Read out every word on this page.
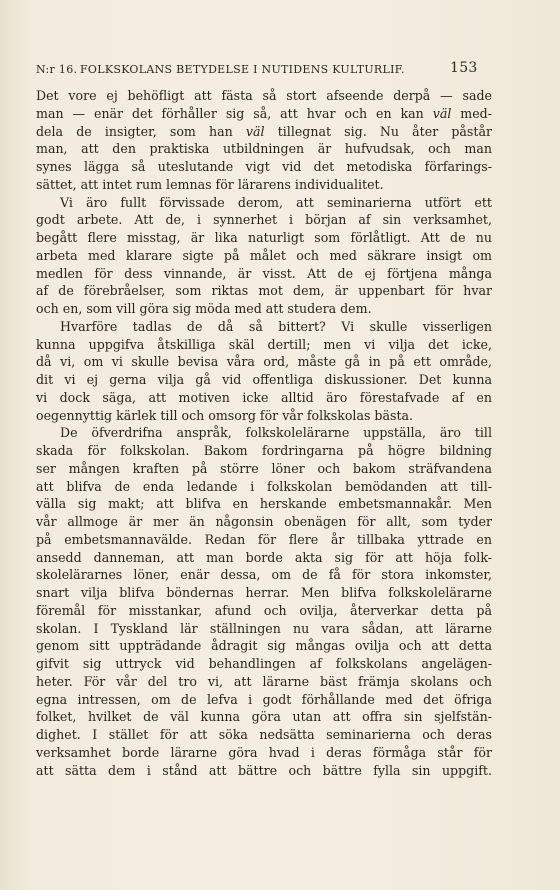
N:r 16. FOLKSKOLANS BETYDELSE I NUTIDENS KULTURLIF.	153
Det vore ej behöfligt att fästa så stort afseende derpå — sade
man — enär det förhåller sig så, att hvar och en kan väl med-
dela de insigter, som han väl tillegnat sig. Nu åter påstår
man, att den praktiska utbildningen är hufvudsak, och man
synes lägga så uteslutande vigt vid det metodiska förfarings-
sättet, att intet rum lemnas för lärarens individualitet.
Vi äro fullt förvissade derom, att seminarierna utfört ett
godt arbete. Att de, i synnerhet i början af sin verksamhet,
begått flere misstag, är lika naturligt som förlåtligt. Att de nu
arbeta med klarare sigte på målet och med säkrare insigt om
medlen för dess vinnande, är visst. Att de ej förtjena många
af de förebråelser, som riktas mot dem, är uppenbart för hvar
och en, som vill göra sig möda med att studera dem.
Hvarföre tadlas de då så bittert? Vi skulle visserligen
kunna uppgifva åtskilliga skäl dertill; men vi vilja det icke,
då vi, om vi skulle bevisa våra ord, måste gå in på ett område,
dit vi ej gerna vilja gå vid offentliga diskussioner. Det kunna
vi dock säga, att motiven icke alltid äro förestafvade af en
oegennyttig kärlek till och omsorg för vår folkskolas bästa.
De öfverdrifna anspråk, folkskolelärarne uppställa, äro till
skada för folkskolan. Bakom fordringarna på högre bildning
ser mången kraften på större löner och bakom sträfvandena
att blifva de enda ledande i folkskolan bemödanden att till-
välla sig makt; att blifva en herskande embetsmannakår. Men
vår allmoge är mer än någonsin obenägen för allt, som tyder
på embetsmannavälde. Redan för flere år tillbaka yttrade en
ansedd danneman, att man borde akta sig för att höja folk-
skolelärarnes löner, enär dessa, om de få för stora inkomster,
snart vilja blifva böndernas herrar. Men blifva folkskolelärarne
föremål för misstankar, afund och ovilja, återverkar detta på
skolan. I Tyskland lär ställningen nu vara sådan, att lärarne
genom sitt uppträdande ådragit sig mångas ovilja och att detta
gifvit sig uttryck vid behandlingen af folkskolans angelägen-
heter. För vår del tro vi, att lärarne bäst främja skolans och
egna intressen, om de lefva i godt förhållande med det öfriga
folket, hvilket de väl kunna göra utan att offra sin sjelfstän-
dighet. I stället för att söka nedsätta seminarierna och deras
verksamhet borde lärarne göra hvad i deras förmåga står för
att sätta dem i stånd att bättre och bättre fylla sin uppgift.
